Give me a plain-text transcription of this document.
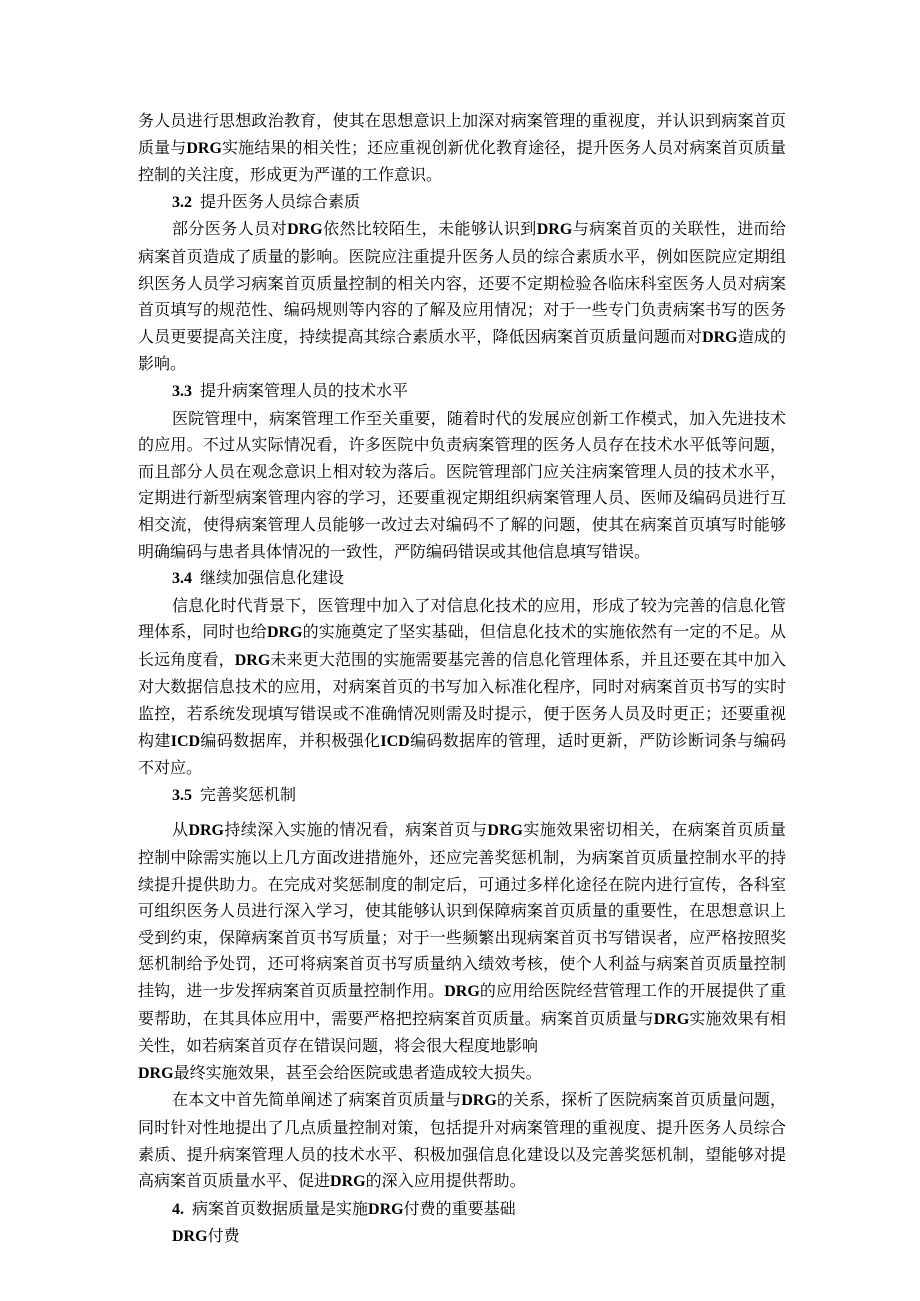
务人员进行思想政治教育，使其在思想意识上加深对病案管理的重视度，并认识到病案首页质量与DRG实施结果的相关性；还应重视创新优化教育途径，提升医务人员对病案首页质量控制的关注度，形成更为严谨的工作意识。

3.2  提升医务人员综合素质

部分医务人员对DRG依然比较陌生，未能够认识到DRG与病案首页的关联性，进而给病案首页造成了质量的影响。医院应注重提升医务人员的综合素质水平，例如医院应定期组织医务人员学习病案首页质量控制的相关内容，还要不定期检验各临床科室医务人员对病案首页填写的规范性、编码规则等内容的了解及应用情况；对于一些专门负责病案书写的医务人员更要提高关注度，持续提高其综合素质水平，降低因病案首页质量问题而对DRG造成的影响。

3.3  提升病案管理人员的技术水平

医院管理中，病案管理工作至关重要，随着时代的发展应创新工作模式，加入先进技术的应用。不过从实际情况看，许多医院中负责病案管理的医务人员存在技术水平低等问题，而且部分人员在观念意识上相对较为落后。医院管理部门应关注病案管理人员的技术水平，定期进行新型病案管理内容的学习，还要重视定期组织病案管理人员、医师及编码员进行互相交流，使得病案管理人员能够一改过去对编码不了解的问题，使其在病案首页填写时能够明确编码与患者具体情况的一致性，严防编码错误或其他信息填写错误。

3.4  继续加强信息化建设

信息化时代背景下，医管理中加入了对信息化技术的应用，形成了较为完善的信息化管理体系，同时也给DRG的实施奠定了坚实基础，但信息化技术的实施依然有一定的不足。从长远角度看，DRG未来更大范围的实施需要基完善的信息化管理体系，并且还要在其中加入对大数据信息技术的应用，对病案首页的书写加入标准化程序，同时对病案首页书写的实时监控，若系统发现填写错误或不准确情况则需及时提示，便于医务人员及时更正；还要重视构建ICD编码数据库，并积极强化ICD编码数据库的管理，适时更新，严防诊断词条与编码不对应。

3.5  完善奖惩机制

从DRG持续深入实施的情况看，病案首页与DRG实施效果密切相关，在病案首页质量控制中除需实施以上几方面改进措施外，还应完善奖惩机制，为病案首页质量控制水平的持续提升提供助力。在完成对奖惩制度的制定后，可通过多样化途径在院内进行宣传，各科室可组织医务人员进行深入学习，使其能够认识到保障病案首页质量的重要性，在思想意识上受到约束，保障病案首页书写质量；对于一些频繁出现病案首页书写错误者，应严格按照奖惩机制给予处罚，还可将病案首页书写质量纳入绩效考核，使个人利益与病案首页质量控制挂钩，进一步发挥病案首页质量控制作用。DRG的应用给医院经营管理工作的开展提供了重要帮助，在其具体应用中，需要严格把控病案首页质量。病案首页质量与DRG实施效果有相关性，如若病案首页存在错误问题，将会很大程度地影响

DRG最终实施效果，甚至会给医院或患者造成较大损失。

在本文中首先简单阐述了病案首页质量与DRG的关系，探析了医院病案首页质量问题，同时针对性地提出了几点质量控制对策，包括提升对病案管理的重视度、提升医务人员综合素质、提升病案管理人员的技术水平、积极加强信息化建设以及完善奖惩机制，望能够对提高病案首页质量水平、促进DRG的深入应用提供帮助。

4.  病案首页数据质量是实施DRG付费的重要基础

DRG付费
